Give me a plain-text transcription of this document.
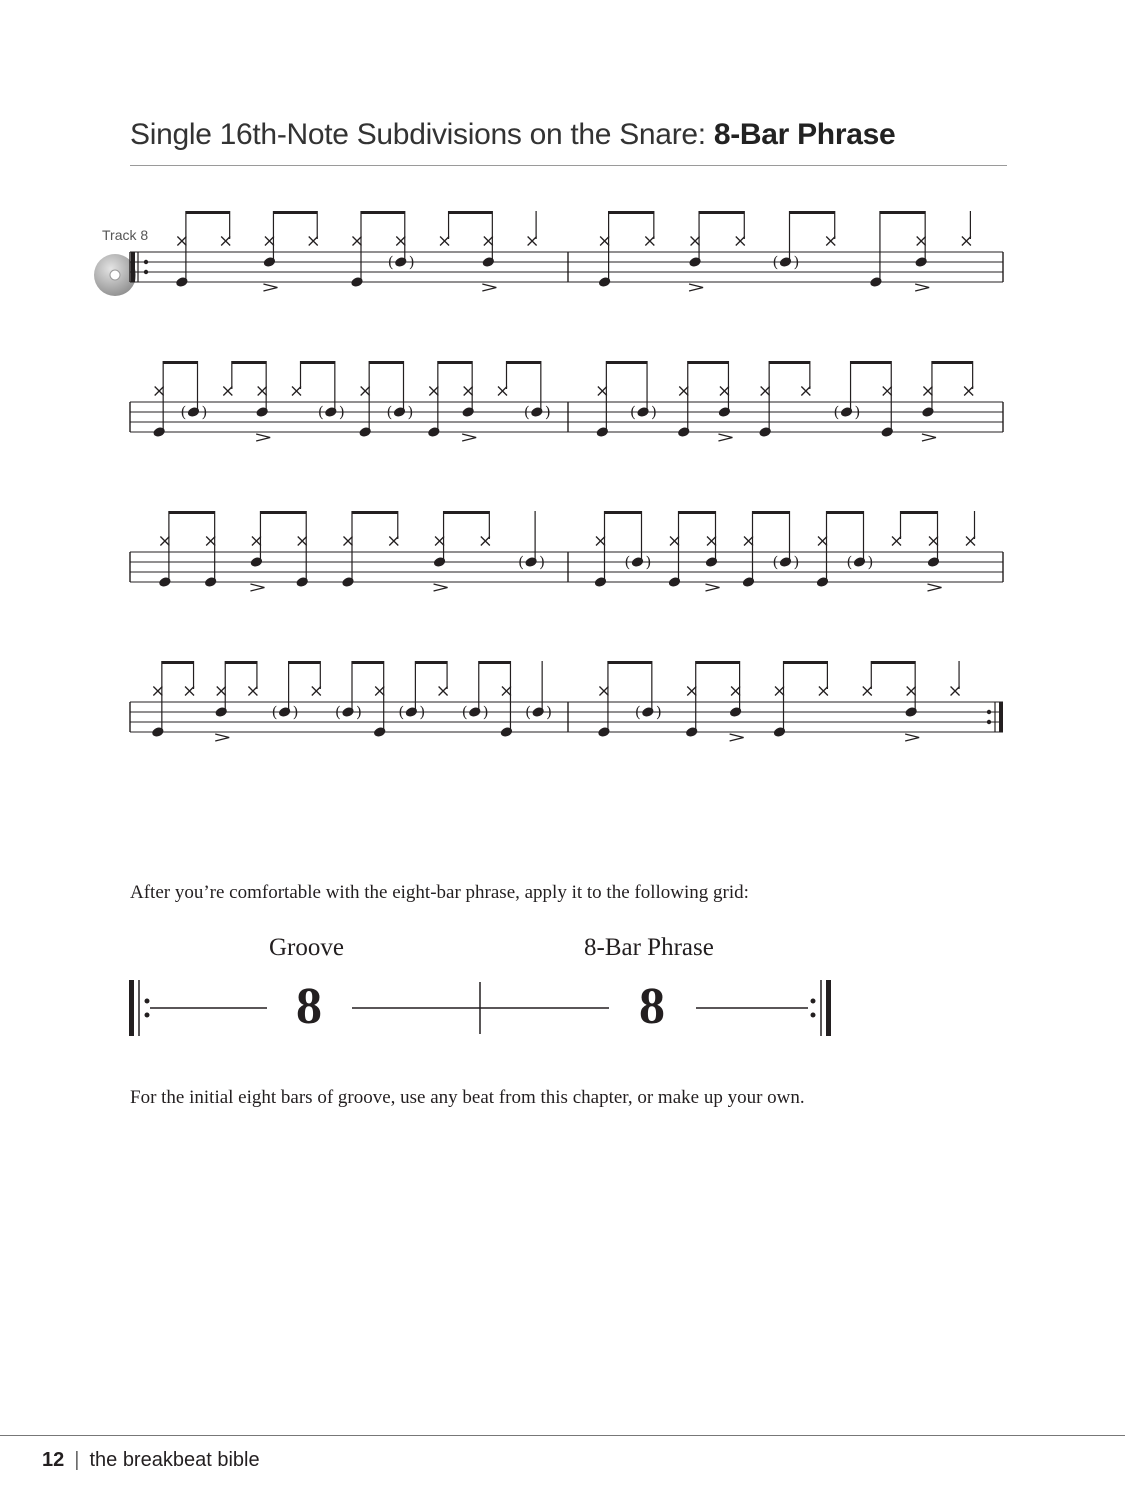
Single 16th-Note Subdivisions on the Snare: 8-Bar Phrase
Track 8
( )	( )
( )	( )	( )	( )	( )	( )
( )	( )	( )	( )
( ) ( ) ( ) ( ) ( )	( )

After you’re comfortable with the eight-bar phrase, apply it to the following grid:

Groove	8-Bar Phrase
8	8

For the initial eight bars of groove, use any beat from this chapter, or make up your own.

12 | the breakbeat bible
